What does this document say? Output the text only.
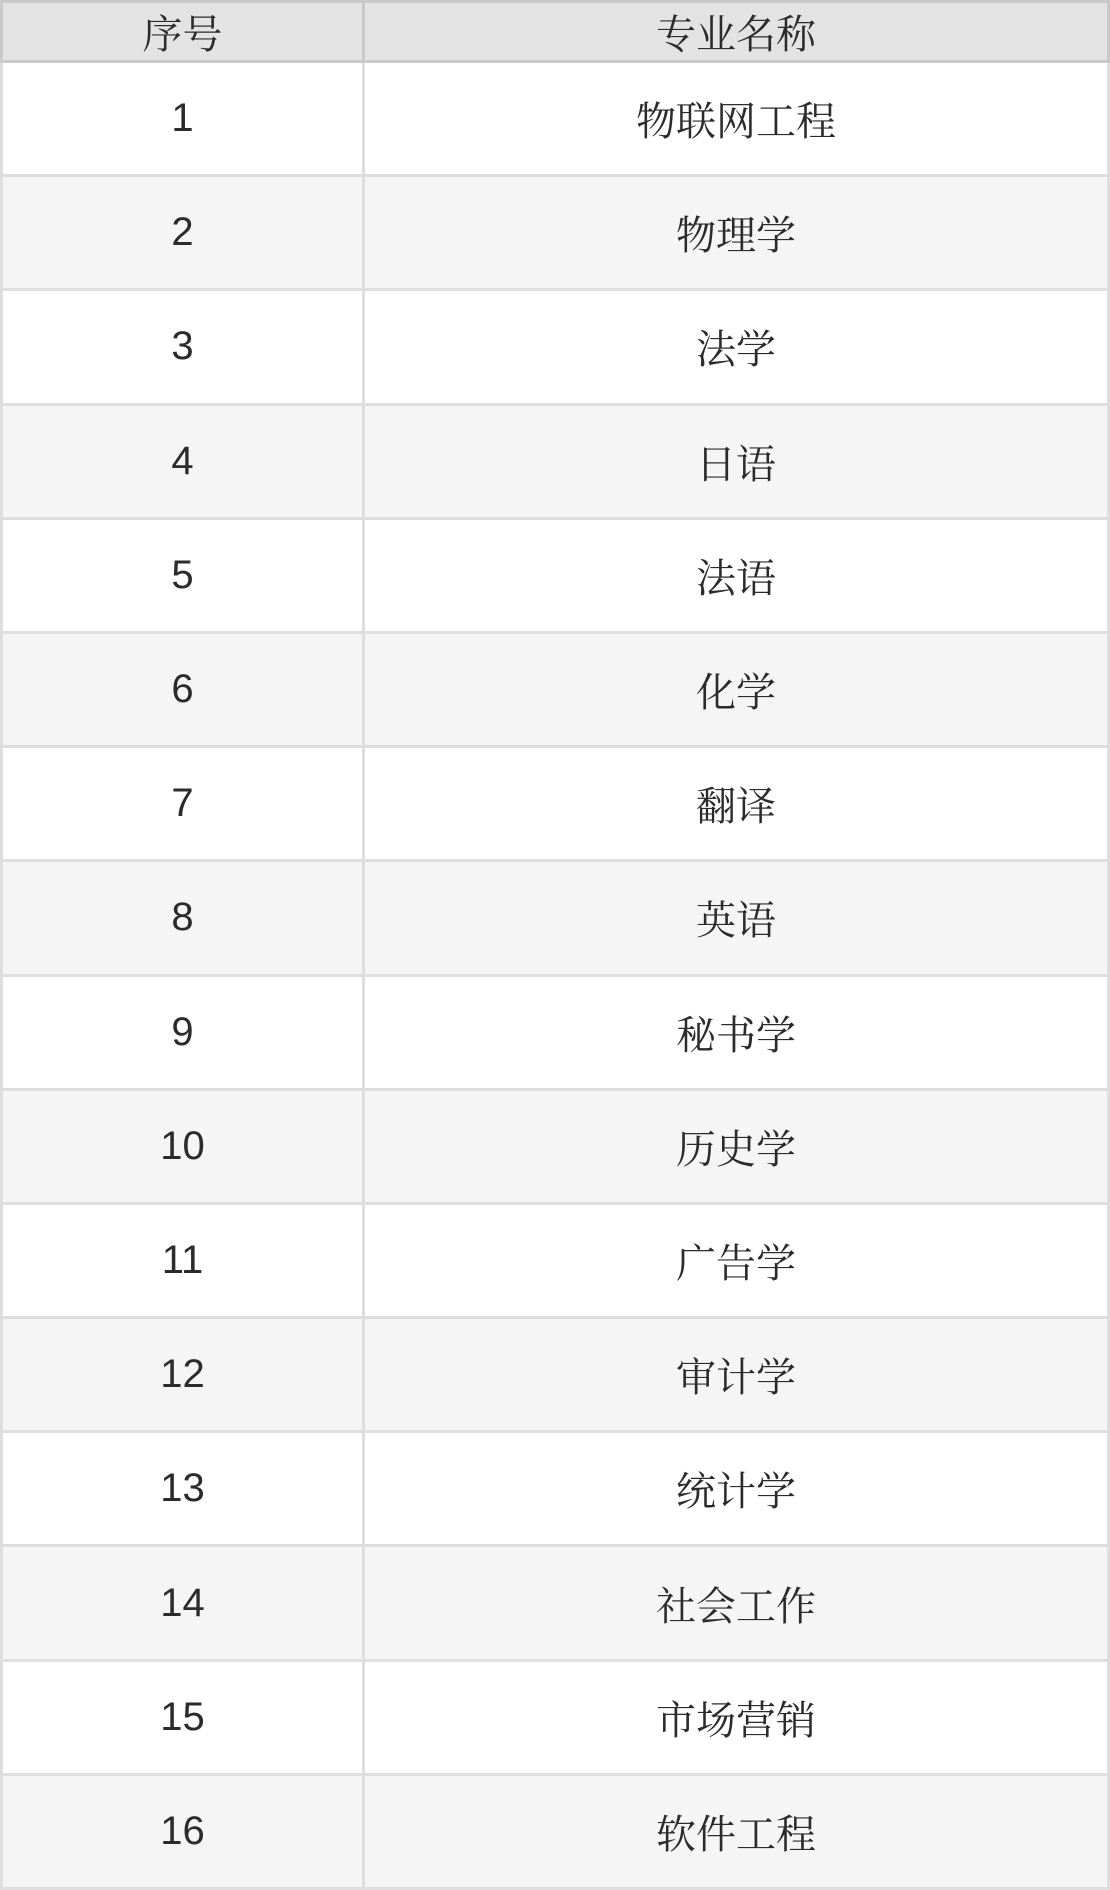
序号	专业名称
1	物联网工程
2	物理学
3	法学
4	日语
5	法语
6	化学
7	翻译
8	英语
9	秘书学
10	历史学
11	广告学
12	审计学
13	统计学
14	社会工作
15	市场营销
16	软件工程
